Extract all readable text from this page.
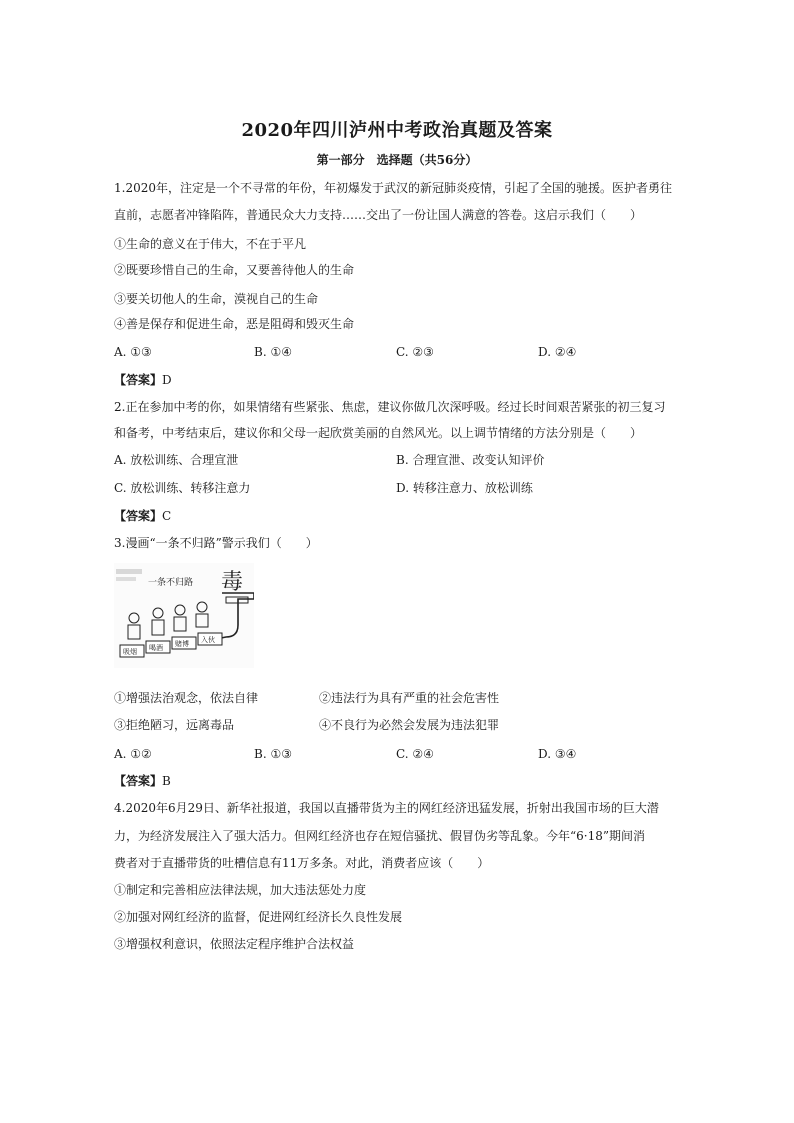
2020年四川泸州中考政治真题及答案
第一部分　选择题（共56分）
1.2020年，注定是一个不寻常的年份，年初爆发于武汉的新冠肺炎疫情，引起了全国的驰援。医护者勇往
直前，志愿者冲锋陷阵，普通民众大力支持……交出了一份让国人满意的答卷。这启示我们（　　）
①生命的意义在于伟大，不在于平凡
②既要珍惜自己的生命，又要善待他人的生命
③要关切他人的生命，漠视自己的生命
④善是保存和促进生命，恶是阻碍和毁灭生命
A. ①③	B. ①④	C. ②③	D. ②④
【答案】D
2.正在参加中考的你，如果情绪有些紧张、焦虑，建议你做几次深呼吸。经过长时间艰苦紧张的初三复习
和备考，中考结束后，建议你和父母一起欣赏美丽的自然风光。以上调节情绪的方法分别是（　　）
A. 放松训练、合理宣泄	B. 合理宣泄、改变认知评价
C. 放松训练、转移注意力	D. 转移注意力、放松训练
【答案】C
3.漫画“一条不归路”警示我们（　　）
一条不归路 毒
吸烟 喝酒 赌博 入伙
①增强法治观念，依法自律	②违法行为具有严重的社会危害性
③拒绝陋习，远离毒品	④不良行为必然会发展为违法犯罪
A. ①②	B. ①③	C. ②④	D. ③④
【答案】B
4.2020年6月29日、新华社报道，我国以直播带货为主的网红经济迅猛发展，折射出我国市场的巨大潜
力，为经济发展注入了强大活力。但网红经济也存在短信骚扰、假冒伪劣等乱象。今年“6·18”期间消
费者对于直播带货的吐槽信息有11万多条。对此，消费者应该（　　）
①制定和完善相应法律法规，加大违法惩处力度
②加强对网红经济的监督，促进网红经济长久良性发展
③增强权利意识，依照法定程序维护合法权益
